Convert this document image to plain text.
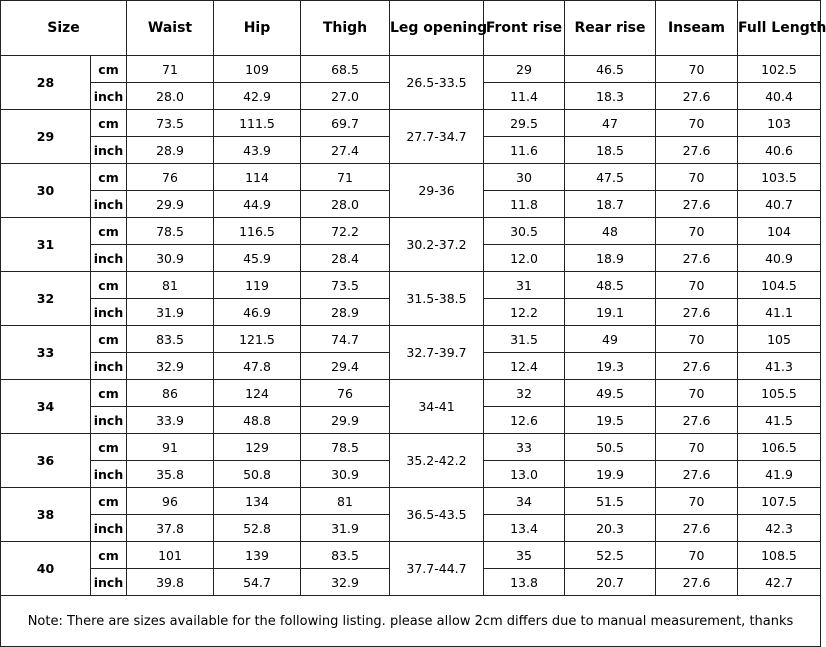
Size		Waist	Hip	Thigh	Leg opening	Front rise	Rear rise	Inseam	Full Length
28	cm	71	109	68.5	26.5-33.5	29	46.5	70	102.5
	inch	28.0	42.9	27.0		11.4	18.3	27.6	40.4
29	cm	73.5	111.5	69.7	27.7-34.7	29.5	47	70	103
	inch	28.9	43.9	27.4		11.6	18.5	27.6	40.6
30	cm	76	114	71	29-36	30	47.5	70	103.5
	inch	29.9	44.9	28.0		11.8	18.7	27.6	40.7
31	cm	78.5	116.5	72.2	30.2-37.2	30.5	48	70	104
	inch	30.9	45.9	28.4		12.0	18.9	27.6	40.9
32	cm	81	119	73.5	31.5-38.5	31	48.5	70	104.5
	inch	31.9	46.9	28.9		12.2	19.1	27.6	41.1
33	cm	83.5	121.5	74.7	32.7-39.7	31.5	49	70	105
	inch	32.9	47.8	29.4		12.4	19.3	27.6	41.3
34	cm	86	124	76	34-41	32	49.5	70	105.5
	inch	33.9	48.8	29.9		12.6	19.5	27.6	41.5
36	cm	91	129	78.5	35.2-42.2	33	50.5	70	106.5
	inch	35.8	50.8	30.9		13.0	19.9	27.6	41.9
38	cm	96	134	81	36.5-43.5	34	51.5	70	107.5
	inch	37.8	52.8	31.9		13.4	20.3	27.6	42.3
40	cm	101	139	83.5	37.7-44.7	35	52.5	70	108.5
	inch	39.8	54.7	32.9		13.8	20.7	27.6	42.7
Note: There are sizes available for the following listing. please allow 2cm differs due to manual measurement, thanks									
